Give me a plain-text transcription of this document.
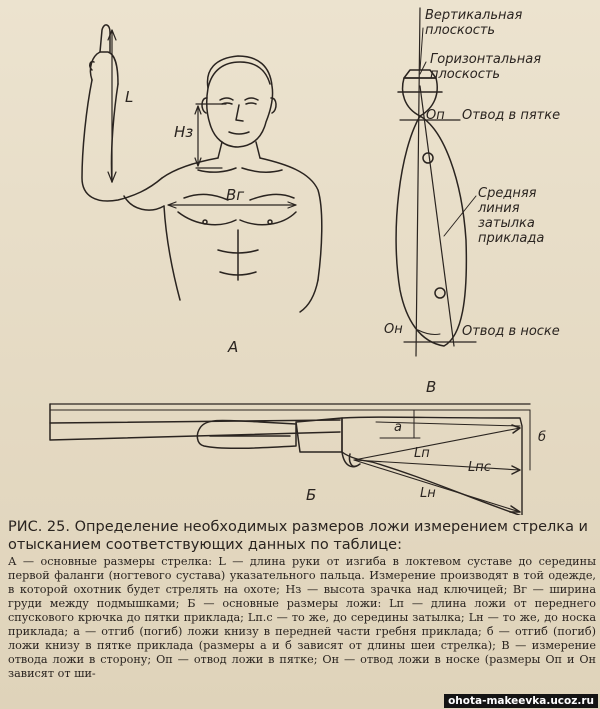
L
Hз
Bг
А
Вертикальная плоскость
Горизонтальная плоскость
Оп Отвод в пятке
Средняя линия затылка приклада
Он	Отвод в носке
В
а
б
Lп
Lпс
Lн
Б
РИС. 25. Определение необходимых размеров ложи измерением стрелка и отысканием соответствующих данных по таблице:
А — основные размеры стрелка: L — длина руки от изгиба в локтевом суставе до середины первой фаланги (ногтевого сустава) указательного пальца. Измерение производят в той одежде, в которой охотник будет стрелять на охоте; Hз — высота зрачка над ключицей; Bг — ширина груди между подмышками; Б — основные размеры ложи: Lп — длина ложи от переднего спускового крючка до пятки приклада; Lп.с — то же, до середины затылка; Lн — то же, до носка приклада; а — отгиб (погиб) ложи книзу в передней части гребня приклада; б — отгиб (погиб) ложи книзу в пятке приклада (размеры а и б зависят от длины шеи стрелка); В — измерение отвода ложи в сторону; Оп — отвод ложи в пятке; Он — отвод ложи в носке (размеры Оп и Он зависят от ши-
ohota-makeevka.ucoz.ru
